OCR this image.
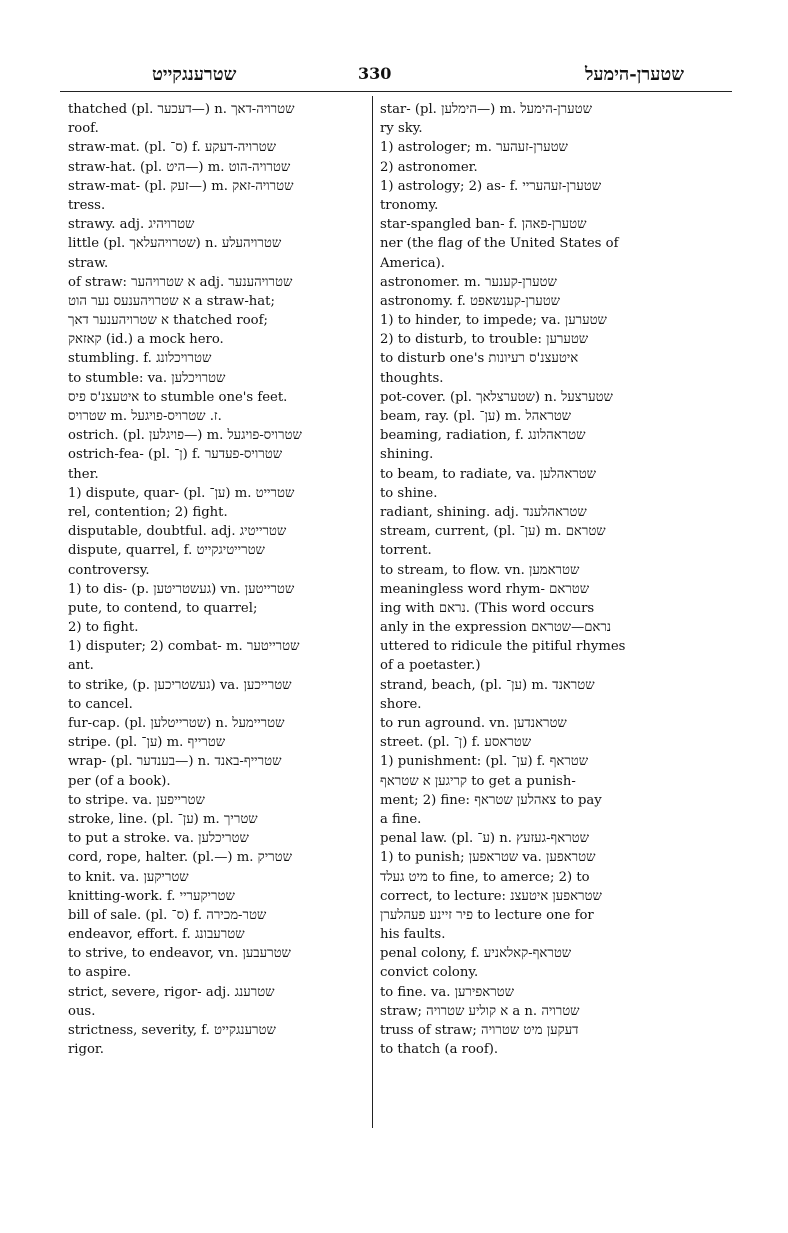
שטרענגקייט	330	שטערן-הימעל
thatched (pl. דעכער—) n. שטרויה-דאך
roof.
straw-mat. (pl. ס־) f. שטרויה-דעקע
straw-hat. (pl. היט—) m. שטרויה-הוט
straw-mat- (pl. זעק—) m. שטרויה-זאק
tress.
strawy. adj. שטרויהיג
little (pl. שטרויהעלאך) n. שטרויהעלע
straw.
of straw: א שטרויהער adj. שטרויהענער
א שטרויהענעס נער הוט a straw-hat;
א שטרויהענער דאך thatched roof;
קאזאק (id.) a mock hero.
stumbling. f. שטרויכלונג
to stumble: va. שטרויכלען
איטעצנ'ס פיס to stumble one's feet.
שטרויס m. ז. שטרויס-פויגעל.
ostrich. (pl. פויגלען—) m. שטרויס-פויגעל
ostrich-fea- (pl. ן־) f. שטרויס-פעדער
ther.
1) dispute, quar- (pl. ען־) m. שטרייט
rel, contention; 2) fight.
disputable, doubtful. adj. שטרייטיג
dispute, quarrel, f. שטרייטיגקייט
controversy.
1) to dis- (p. געשטריטען) vn. שטרייטען
pute, to contend, to quarrel;
2) to fight.
1) disputer; 2) combat- m. שטרייטער
ant.
to strike, (p. געשטריכען) va. שטרייכען
to cancel.
fur-cap. (pl. שטרייטלען) n. שטריימעל
stripe. (pl. ען־) m. שטרייף
wrap- (pl. בענדער—) n. שטרייף-באנד
per (of a book).
to stripe. va. שטרייפען
stroke, line. (pl. ען־) m. שטריך
to put a stroke. va. שטריכלען
cord, rope, halter. (pl.—) m. שטריק
to knit. va. שטריקען
knitting-work. f. שטריקעריי
bill of sale. (pl. ס־) f. שטר-מכירה
endeavor, effort. f. שטרעבונג
to strive, to endeavor, vn. שטרעבען
to aspire.
strict, severe, rigor- adj. שטרענג
ous.
strictness, severity, f. שטרענגקייט
rigor.
star- (pl. הימלען—) m. שטערן-הימעל
ry sky.
1) astrologer; m. שטערן-זעהער
2) astronomer.
1) astrology; 2) as- f. שטערן-זעהעריי
tronomy.
star-spangled ban- f. שטערן-פאהן
ner (the flag of the United States of
America).
astronomer. m. שטערן-קענער
astronomy. f. שטערן-קענשאפט
1) to hinder, to impede; va. שטערען
2) to disturb, to trouble: שטערען
to disturb one's איטעצנ'ס רעיונות
thoughts.
pot-cover. (pl. שטערצלאך) n. שטערצעל
beam, ray. (pl. ען־) m. שטראהל
beaming, radiation, f. שטראהלונג
shining.
to beam, to radiate, va. שטראהלען
to shine.
radiant, shining. adj. שטראהלענד
stream, current, (pl. ען־) m. שטראם
torrent.
to stream, to flow. vn. שטראמען
meaningless word rhym- שטראם
ing with נראם. (This word occurs
anly in the expression נראם—שטראם
uttered to ridicule the pitiful rhymes
of a poetaster.)
strand, beach, (pl. ען־) m. שטראנד
shore.
to run aground. vn. שטראנדען
street. (pl. ן־) f. שטראסע
1) punishment: (pl. ען־) f. שטראף
קריגען א שטראף to get a punish-
ment; 2) fine: צאהלען שטראף to pay
a fine.
penal law. (pl. ע־) n. שטראף-געזעץ
1) to punish; שטראפען va. שטראפען
מיט געלד to fine, to amerce; 2) to
correct, to lecture: שטראפען איטעצנ
פיר זיינע פעהלערן to lecture one for
his faults.
penal colony, f. שטראף-קאלאניע
convict colony.
to fine. va. שטראפירען
straw; א קוליע שטרויה a n. שטרויה
truss of straw; דעקען מיט שטרויה
to thatch (a roof).
